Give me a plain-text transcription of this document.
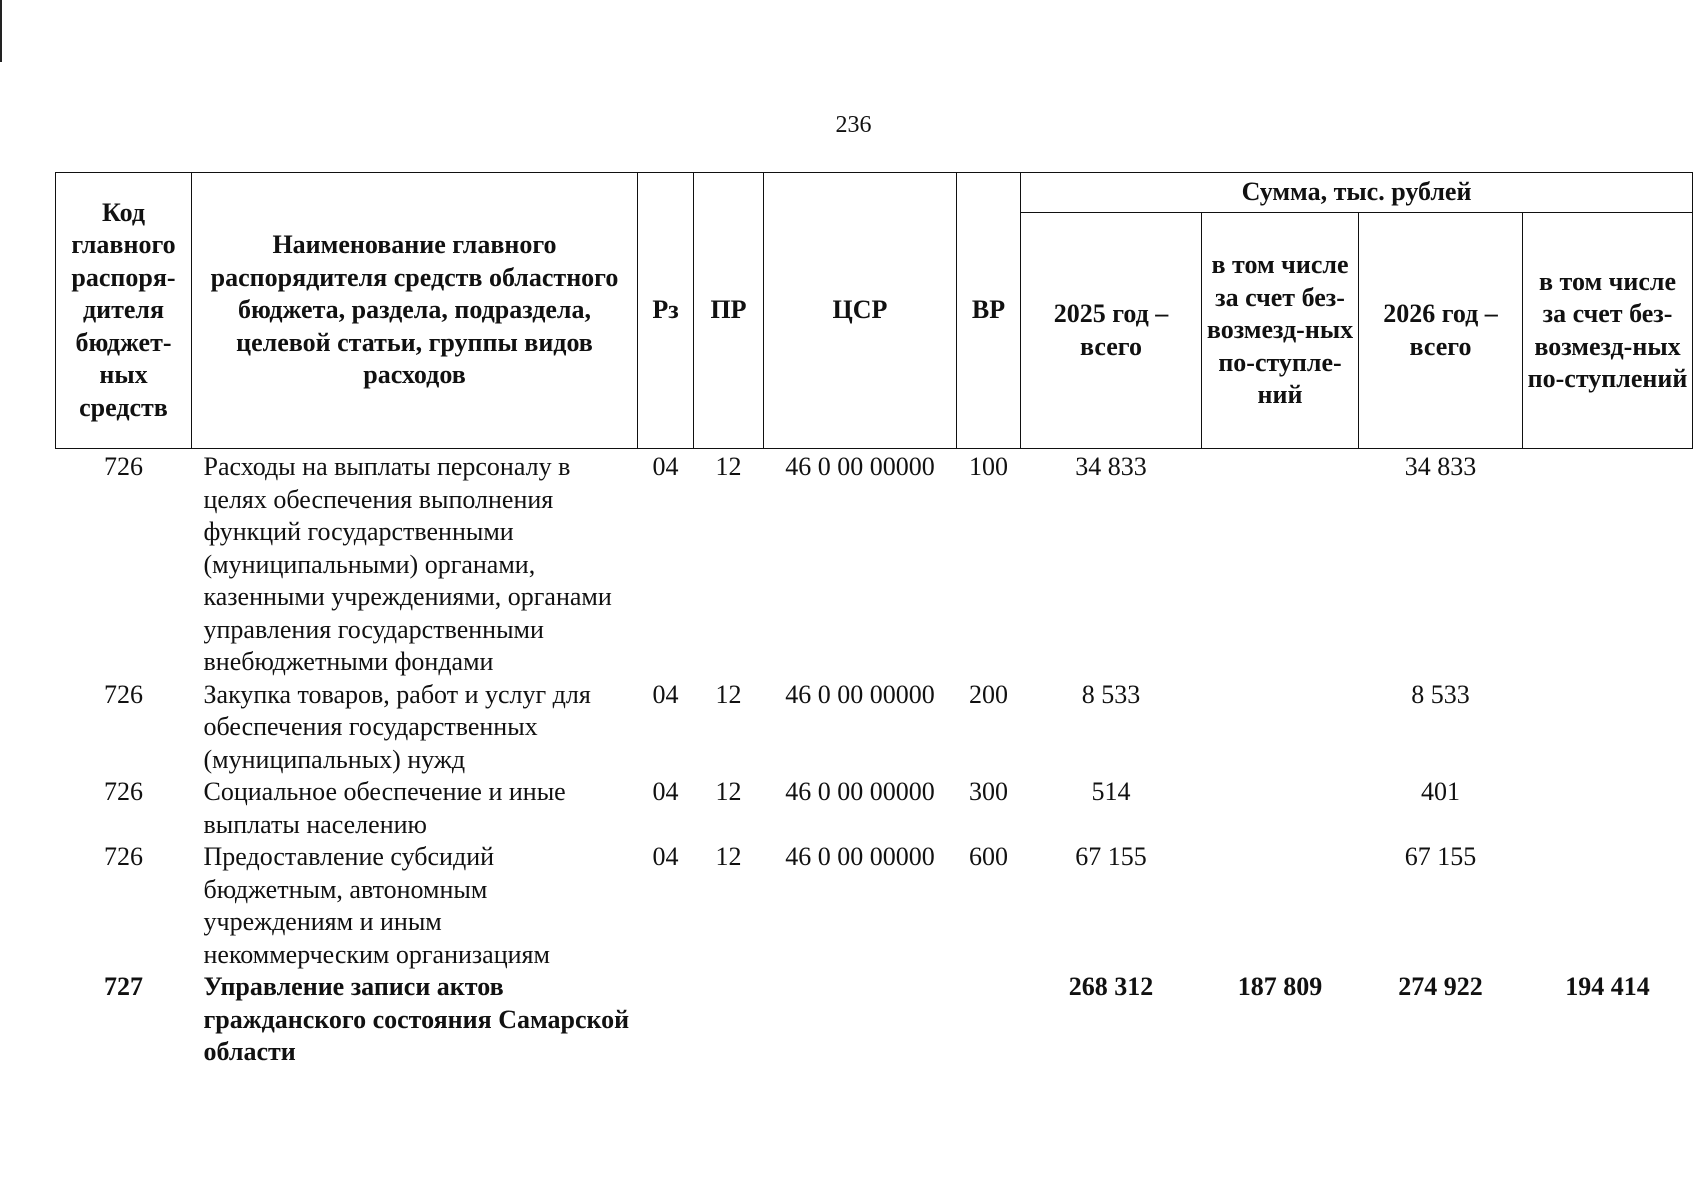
236
Код главного распоря-дителя бюджет-ных средств	Наименование главного распорядителя средств областного бюджета, раздела, подраздела, целевой статьи, группы видов расходов	Рз	ПР	ЦСР	ВР	Сумма, тыс. рублей			
						2025 год – всего	в том числе за счет без-возмезд-ных по-ступле-ний	2026 год – всего	в том числе за счет без-возмезд-ных по-ступлений
726	Расходы на выплаты персоналу в целях обеспечения выполнения функций государственными (муниципальными) органами, казенными учреждениями, органами управления государственными внебюджетными фондами	04	12	46 0 00 00000	100	34 833		34 833	
726	Закупка товаров, работ и услуг для обеспечения государственных (муниципальных) нужд	04	12	46 0 00 00000	200	8 533		8 533	
726	Социальное обеспечение и иные выплаты населению	04	12	46 0 00 00000	300	514		401	
726	Предоставление субсидий бюджетным, автономным учреждениям и иным некоммерческим организациям	04	12	46 0 00 00000	600	67 155		67 155	
727	Управление записи актов гражданского состояния Самарской области					268 312	187 809	274 922	194 414
